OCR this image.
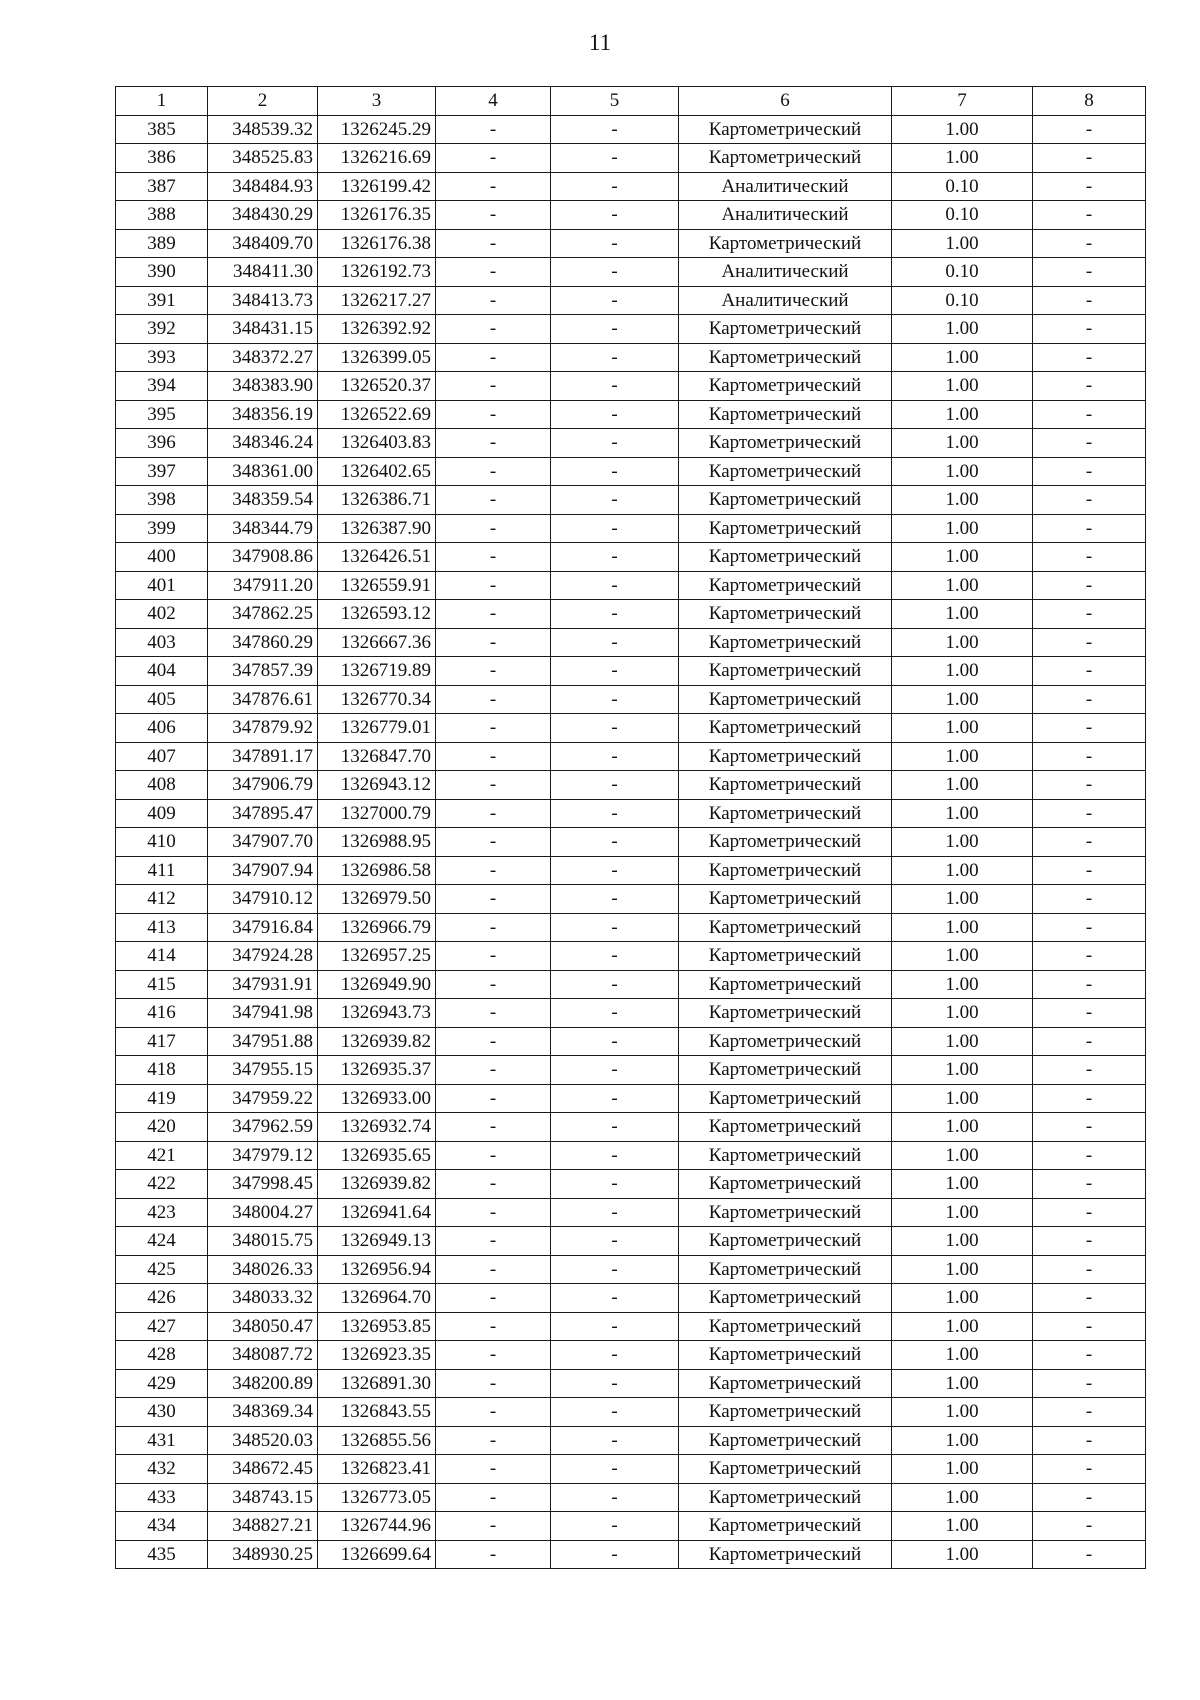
11
1	2	3	4	5	6	7	8
385	348539.32	1326245.29	-	-	Картометрический	1.00	-
386	348525.83	1326216.69	-	-	Картометрический	1.00	-
387	348484.93	1326199.42	-	-	Аналитический	0.10	-
388	348430.29	1326176.35	-	-	Аналитический	0.10	-
389	348409.70	1326176.38	-	-	Картометрический	1.00	-
390	348411.30	1326192.73	-	-	Аналитический	0.10	-
391	348413.73	1326217.27	-	-	Аналитический	0.10	-
392	348431.15	1326392.92	-	-	Картометрический	1.00	-
393	348372.27	1326399.05	-	-	Картометрический	1.00	-
394	348383.90	1326520.37	-	-	Картометрический	1.00	-
395	348356.19	1326522.69	-	-	Картометрический	1.00	-
396	348346.24	1326403.83	-	-	Картометрический	1.00	-
397	348361.00	1326402.65	-	-	Картометрический	1.00	-
398	348359.54	1326386.71	-	-	Картометрический	1.00	-
399	348344.79	1326387.90	-	-	Картометрический	1.00	-
400	347908.86	1326426.51	-	-	Картометрический	1.00	-
401	347911.20	1326559.91	-	-	Картометрический	1.00	-
402	347862.25	1326593.12	-	-	Картометрический	1.00	-
403	347860.29	1326667.36	-	-	Картометрический	1.00	-
404	347857.39	1326719.89	-	-	Картометрический	1.00	-
405	347876.61	1326770.34	-	-	Картометрический	1.00	-
406	347879.92	1326779.01	-	-	Картометрический	1.00	-
407	347891.17	1326847.70	-	-	Картометрический	1.00	-
408	347906.79	1326943.12	-	-	Картометрический	1.00	-
409	347895.47	1327000.79	-	-	Картометрический	1.00	-
410	347907.70	1326988.95	-	-	Картометрический	1.00	-
411	347907.94	1326986.58	-	-	Картометрический	1.00	-
412	347910.12	1326979.50	-	-	Картометрический	1.00	-
413	347916.84	1326966.79	-	-	Картометрический	1.00	-
414	347924.28	1326957.25	-	-	Картометрический	1.00	-
415	347931.91	1326949.90	-	-	Картометрический	1.00	-
416	347941.98	1326943.73	-	-	Картометрический	1.00	-
417	347951.88	1326939.82	-	-	Картометрический	1.00	-
418	347955.15	1326935.37	-	-	Картометрический	1.00	-
419	347959.22	1326933.00	-	-	Картометрический	1.00	-
420	347962.59	1326932.74	-	-	Картометрический	1.00	-
421	347979.12	1326935.65	-	-	Картометрический	1.00	-
422	347998.45	1326939.82	-	-	Картометрический	1.00	-
423	348004.27	1326941.64	-	-	Картометрический	1.00	-
424	348015.75	1326949.13	-	-	Картометрический	1.00	-
425	348026.33	1326956.94	-	-	Картометрический	1.00	-
426	348033.32	1326964.70	-	-	Картометрический	1.00	-
427	348050.47	1326953.85	-	-	Картометрический	1.00	-
428	348087.72	1326923.35	-	-	Картометрический	1.00	-
429	348200.89	1326891.30	-	-	Картометрический	1.00	-
430	348369.34	1326843.55	-	-	Картометрический	1.00	-
431	348520.03	1326855.56	-	-	Картометрический	1.00	-
432	348672.45	1326823.41	-	-	Картометрический	1.00	-
433	348743.15	1326773.05	-	-	Картометрический	1.00	-
434	348827.21	1326744.96	-	-	Картометрический	1.00	-
435	348930.25	1326699.64	-	-	Картометрический	1.00	-
